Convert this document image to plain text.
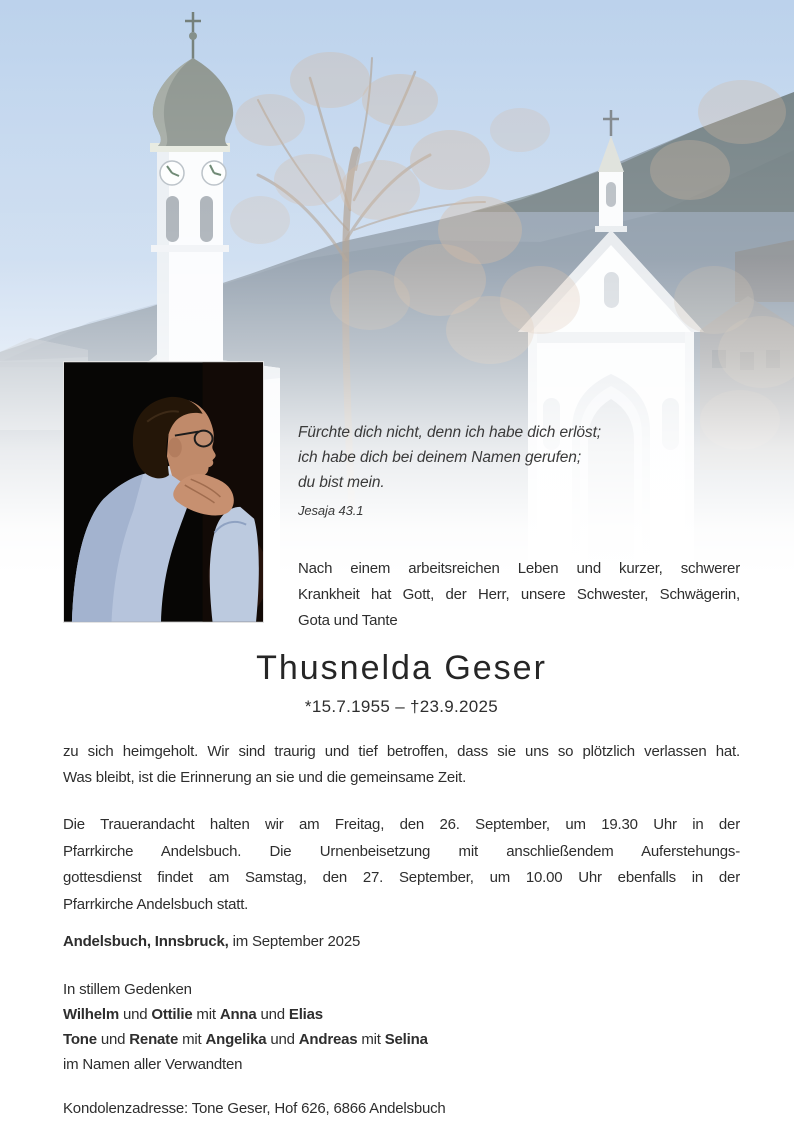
Fürchte dich nicht, denn ich habe dich erlöst;
ich habe dich bei deinem Namen gerufen;
du bist mein.
Jesaja 43.1
Nach einem arbeitsreichen Leben und kurzer, schwerer
Krankheit hat Gott, der Herr, unsere Schwester, Schwägerin,
Gota und Tante
Thusnelda Geser
*15.7.1955 – †23.9.2025
zu sich heimgeholt. Wir sind traurig und tief betroffen, dass sie uns so plötzlich verlassen hat.
Was bleibt, ist die Erinnerung an sie und die gemeinsame Zeit.
Die Trauerandacht halten wir am Freitag, den 26. September, um 19.30 Uhr in der
Pfarrkirche Andelsbuch. Die Urnenbeisetzung mit anschließendem Auferstehungs-
gottesdienst findet am Samstag, den 27. September, um 10.00 Uhr ebenfalls in der
Pfarrkirche Andelsbuch statt.
Andelsbuch, Innsbruck, im September 2025
In stillem Gedenken
Wilhelm und Ottilie mit Anna und Elias
Tone und Renate mit Angelika und Andreas mit Selina
im Namen aller Verwandten
Kondolenzadresse: Tone Geser, Hof 626, 6866 Andelsbuch
